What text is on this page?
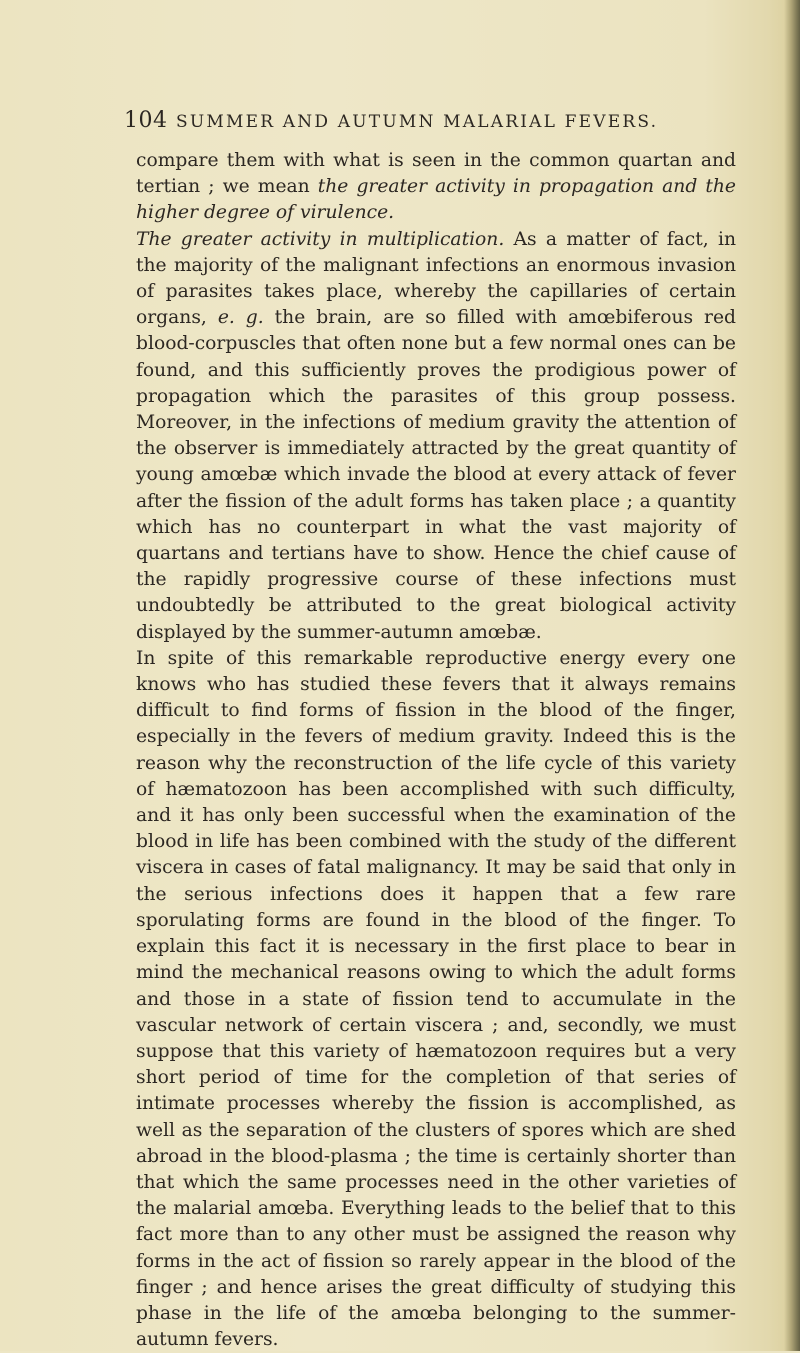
104 SUMMER AND AUTUMN MALARIAL FEVERS.

compare them with what is seen in the common quartan and tertian ; we mean the greater activity in propagation and the higher degree of virulence.

The greater activity in multiplication. As a matter of fact, in the majority of the malignant infections an enormous invasion of parasites takes place, whereby the capillaries of certain organs, e. g. the brain, are so filled with amœbiferous red blood-corpuscles that often none but a few normal ones can be found, and this sufficiently proves the prodigious power of propagation which the parasites of this group possess. Moreover, in the infections of medium gravity the attention of the observer is immediately attracted by the great quantity of young amœbæ which invade the blood at every attack of fever after the fission of the adult forms has taken place ; a quantity which has no counterpart in what the vast majority of quartans and tertians have to show. Hence the chief cause of the rapidly progressive course of these infections must undoubtedly be attributed to the great biological activity displayed by the summer-autumn amœbæ.

In spite of this remarkable reproductive energy every one knows who has studied these fevers that it always remains difficult to find forms of fission in the blood of the finger, especially in the fevers of medium gravity. Indeed this is the reason why the reconstruction of the life cycle of this variety of hæmatozoon has been accomplished with such difficulty, and it has only been successful when the examination of the blood in life has been combined with the study of the different viscera in cases of fatal malignancy. It may be said that only in the serious infections does it happen that a few rare sporulating forms are found in the blood of the finger. To explain this fact it is necessary in the first place to bear in mind the mechanical reasons owing to which the adult forms and those in a state of fission tend to accumulate in the vascular network of certain viscera ; and, secondly, we must suppose that this variety of hæmatozoon requires but a very short period of time for the completion of that series of intimate processes whereby the fission is accomplished, as well as the separation of the clusters of spores which are shed abroad in the blood-plasma ; the time is certainly shorter than that which the same processes need in the other varieties of the malarial amœba. Everything leads to the belief that to this fact more than to any other must be assigned the reason why forms in the act of fission so rarely appear in the blood of the finger ; and hence arises the great difficulty of studying this phase in the life of the amœba belonging to the summer-autumn fevers.
